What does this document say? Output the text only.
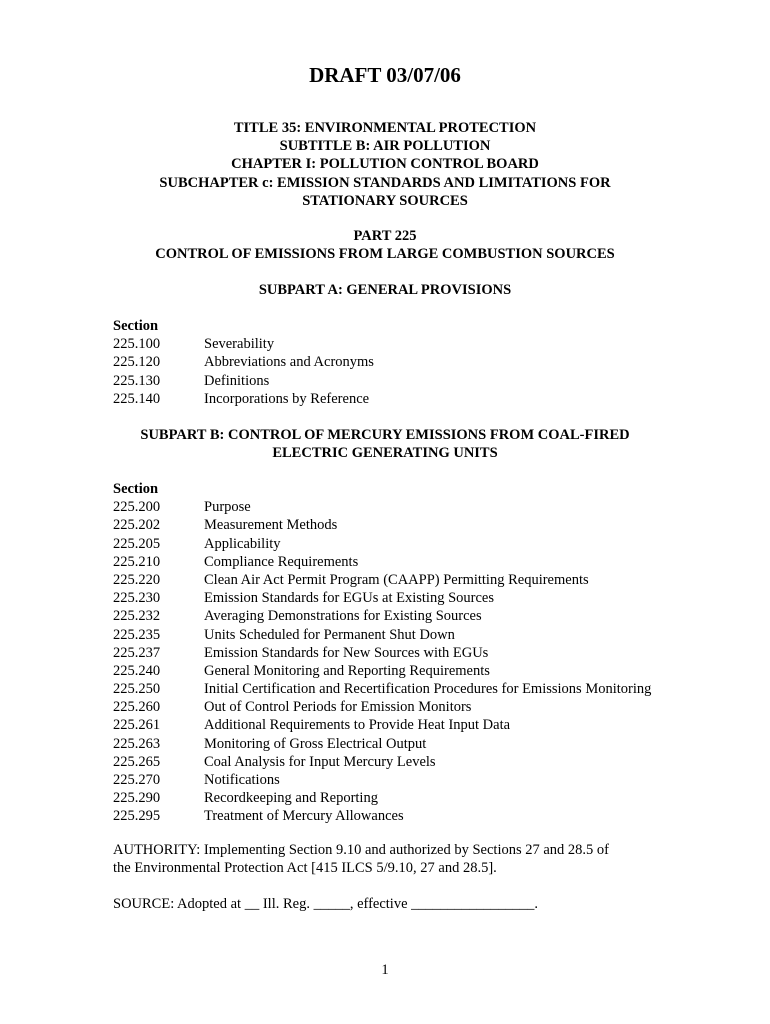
DRAFT 03/07/06
TITLE 35: ENVIRONMENTAL PROTECTION
SUBTITLE B: AIR POLLUTION
CHAPTER I: POLLUTION CONTROL BOARD
SUBCHAPTER c: EMISSION STANDARDS AND LIMITATIONS FOR
STATIONARY SOURCES
PART 225
CONTROL OF EMISSIONS FROM LARGE COMBUSTION SOURCES
SUBPART A: GENERAL PROVISIONS
Section
225.100	Severability
225.120	Abbreviations and Acronyms
225.130	Definitions
225.140	Incorporations by Reference
SUBPART B: CONTROL OF MERCURY EMISSIONS FROM COAL-FIRED
ELECTRIC GENERATING UNITS
Section
225.200	Purpose
225.202	Measurement Methods
225.205	Applicability
225.210	Compliance Requirements
225.220	Clean Air Act Permit Program (CAAPP) Permitting Requirements
225.230	Emission Standards for EGUs at Existing Sources
225.232	Averaging Demonstrations for Existing Sources
225.235	Units Scheduled for Permanent Shut Down
225.237	Emission Standards for New Sources with EGUs
225.240	General Monitoring and Reporting Requirements
225.250	Initial Certification and Recertification Procedures for Emissions Monitoring
225.260	Out of Control Periods for Emission Monitors
225.261	Additional Requirements to Provide Heat Input Data
225.263	Monitoring of Gross Electrical Output
225.265	Coal Analysis for Input Mercury Levels
225.270	Notifications
225.290	Recordkeeping and Reporting
225.295	Treatment of Mercury Allowances
AUTHORITY: Implementing Section 9.10 and authorized by Sections 27 and 28.5 of
the Environmental Protection Act [415 ILCS 5/9.10, 27 and 28.5].
SOURCE: Adopted at __ Ill. Reg. _____, effective _________________.
1
